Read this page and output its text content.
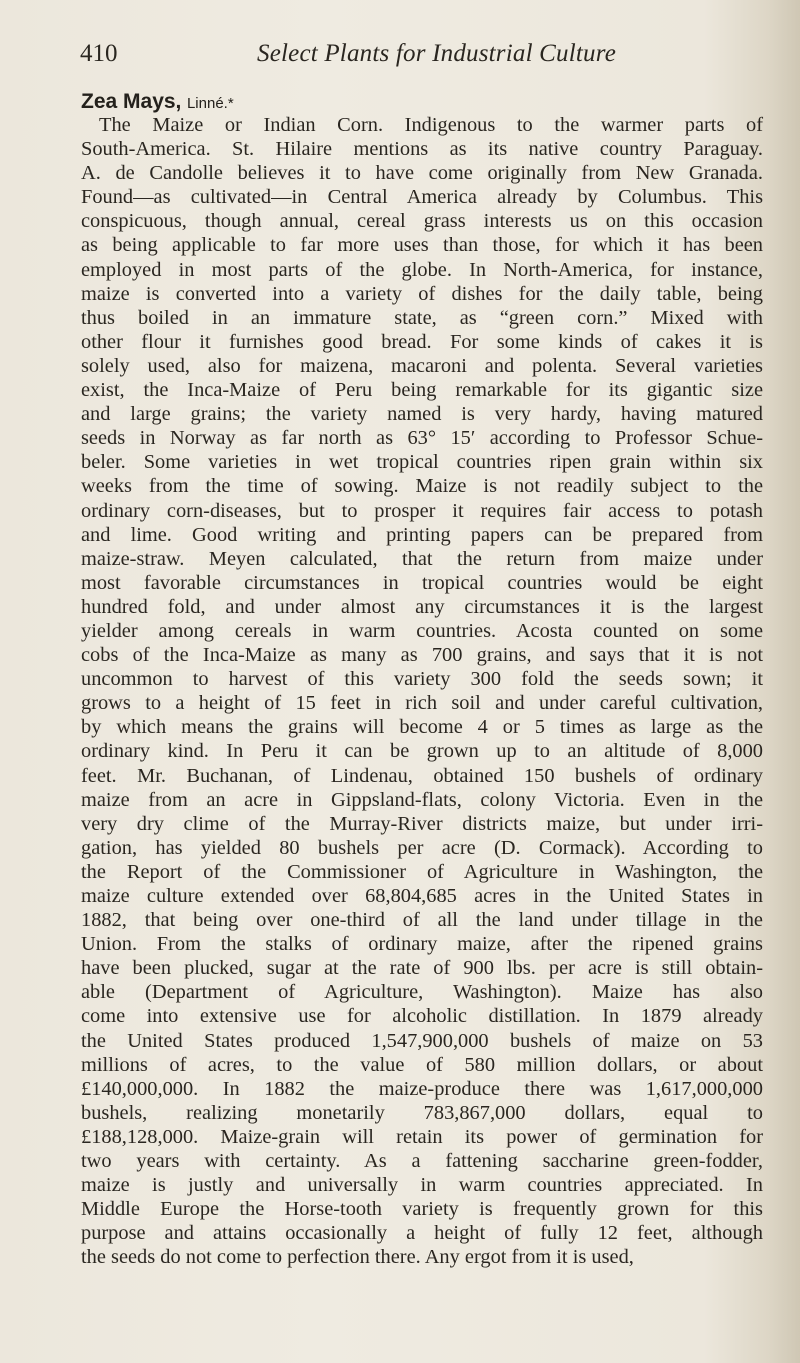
410	Select Plants for Industrial Culture
Zea Mays, Linné.*
The Maize or Indian Corn. Indigenous to the warmer parts of
South-America. St. Hilaire mentions as its native country Paraguay.
A. de Candolle believes it to have come originally from New Granada.
Found—as cultivated—in Central America already by Columbus. This
conspicuous, though annual, cereal grass interests us on this occasion
as being applicable to far more uses than those, for which it has been
employed in most parts of the globe. In North-America, for instance,
maize is converted into a variety of dishes for the daily table, being
thus boiled in an immature state, as “green corn.” Mixed with
other flour it furnishes good bread. For some kinds of cakes it is
solely used, also for maizena, macaroni and polenta. Several varieties
exist, the Inca-Maize of Peru being remarkable for its gigantic size
and large grains; the variety named is very hardy, having matured
seeds in Norway as far north as 63° 15′ according to Professor Schue-
beler. Some varieties in wet tropical countries ripen grain within six
weeks from the time of sowing. Maize is not readily subject to the
ordinary corn-diseases, but to prosper it requires fair access to potash
and lime. Good writing and printing papers can be prepared from
maize-straw. Meyen calculated, that the return from maize under
most favorable circumstances in tropical countries would be eight
hundred fold, and under almost any circumstances it is the largest
yielder among cereals in warm countries. Acosta counted on some
cobs of the Inca-Maize as many as 700 grains, and says that it is not
uncommon to harvest of this variety 300 fold the seeds sown; it
grows to a height of 15 feet in rich soil and under careful cultivation,
by which means the grains will become 4 or 5 times as large as the
ordinary kind. In Peru it can be grown up to an altitude of 8,000
feet. Mr. Buchanan, of Lindenau, obtained 150 bushels of ordinary
maize from an acre in Gippsland-flats, colony Victoria. Even in the
very dry clime of the Murray-River districts maize, but under irri-
gation, has yielded 80 bushels per acre (D. Cormack). According to
the Report of the Commissioner of Agriculture in Washington, the
maize culture extended over 68,804,685 acres in the United States in
1882, that being over one-third of all the land under tillage in the
Union. From the stalks of ordinary maize, after the ripened grains
have been plucked, sugar at the rate of 900 lbs. per acre is still obtain-
able (Department of Agriculture, Washington). Maize has also
come into extensive use for alcoholic distillation. In 1879 already
the United States produced 1,547,900,000 bushels of maize on 53
millions of acres, to the value of 580 million dollars, or about
£140,000,000. In 1882 the maize-produce there was 1,617,000,000
bushels, realizing monetarily 783,867,000 dollars, equal to
£188,128,000. Maize-grain will retain its power of germination for
two years with certainty. As a fattening saccharine green-fodder,
maize is justly and universally in warm countries appreciated. In
Middle Europe the Horse-tooth variety is frequently grown for this
purpose and attains occasionally a height of fully 12 feet, although
the seeds do not come to perfection there. Any ergot from it is used,
